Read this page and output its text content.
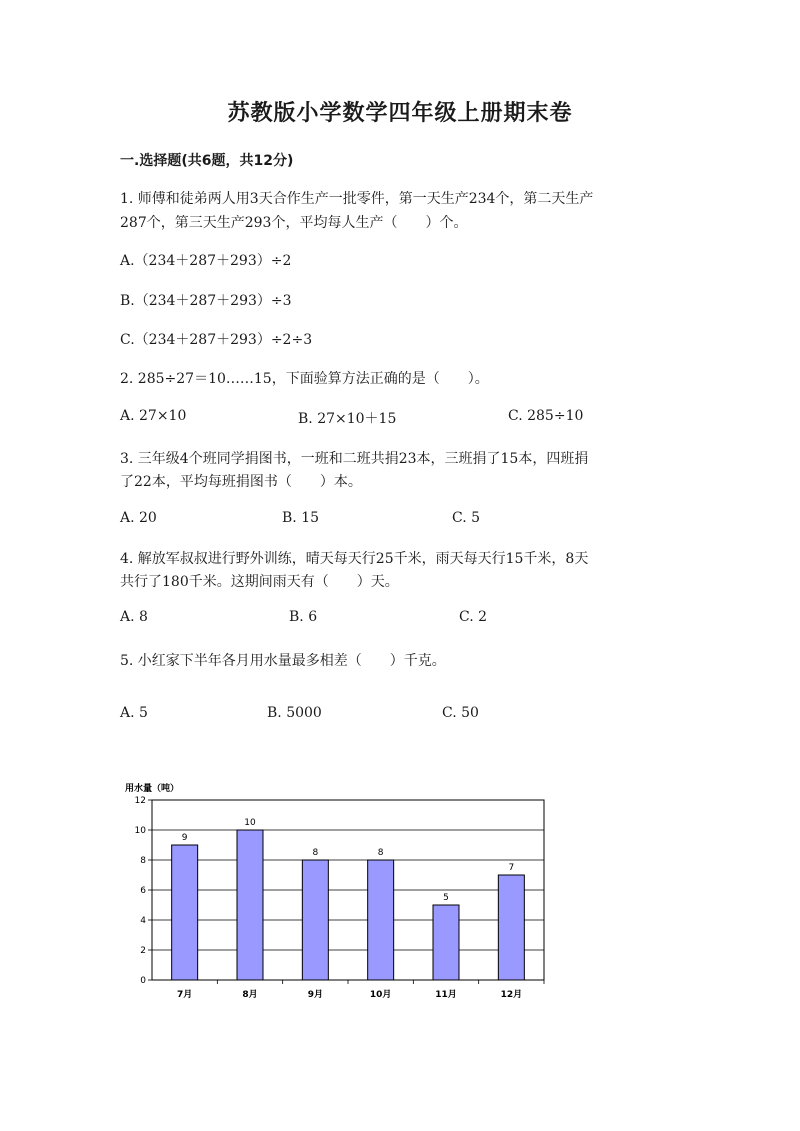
苏教版小学数学四年级上册期末卷
一.选择题(共6题，共12分)
1. 师傅和徒弟两人用3天合作生产一批零件，第一天生产234个，第二天生产
287个，第三天生产293个，平均每人生产（　　）个。
A.（234＋287＋293）÷2
B.（234＋287＋293）÷3
C.（234＋287＋293）÷2÷3
2. 285÷27＝10……15，下面验算方法正确的是（　　）。
A. 27×10	B. 27×10＋15	C. 285÷10
3. 三年级4个班同学捐图书，一班和二班共捐23本，三班捐了15本，四班捐
了22本，平均每班捐图书（　　）本。
A. 20	B. 15	C. 5
4. 解放军叔叔进行野外训练，晴天每天行25千米，雨天每天行15千米，8天
共行了180千米。这期间雨天有（　　）天。
A. 8	B. 6	C. 2
5. 小红家下半年各月用水量最多相差（　　）千克。
A. 5	B. 5000	C. 50
用水量（吨）
0
2
4
6
8
10
12
9
7月
10
8月
8
9月
8
10月
5
11月
7
12月
